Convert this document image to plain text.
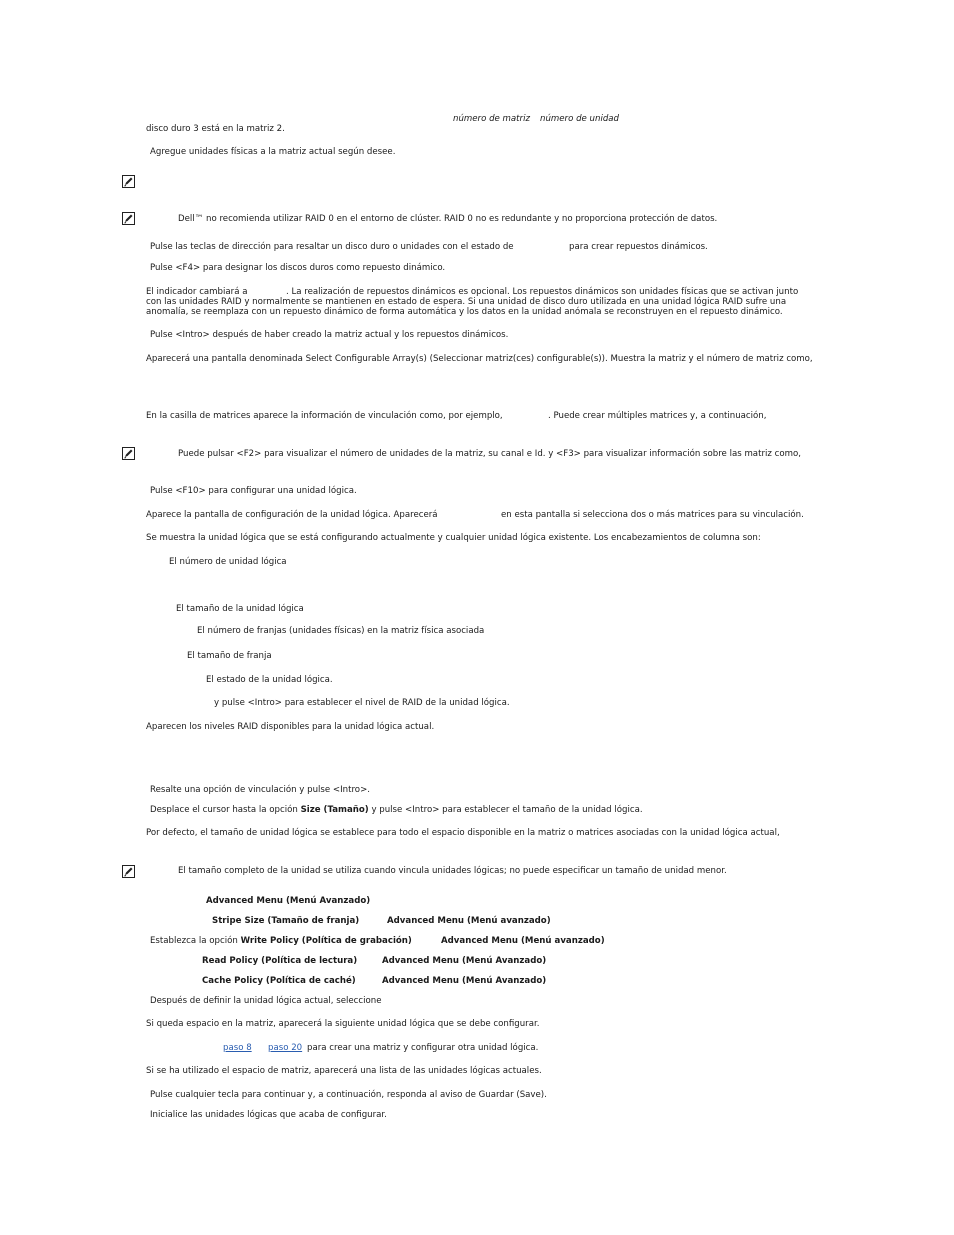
número de matriz número de unidad
disco duro 3 está en la matriz 2.
Agregue unidades físicas a la matriz actual según desee.
Dell™ no recomienda utilizar RAID 0 en el entorno de clúster. RAID 0 no es redundante y no proporciona protección de datos.
Pulse las teclas de dirección para resaltar un disco duro o unidades con el estado de	para crear repuestos dinámicos.
Pulse <F4> para designar los discos duros como repuesto dinámico.
El indicador cambiará a	. La realización de repuestos dinámicos es opcional. Los repuestos dinámicos son unidades físicas que se activan junto
con las unidades RAID y normalmente se mantienen en estado de espera. Si una unidad de disco duro utilizada en una unidad lógica RAID sufre una
anomalía, se reemplaza con un repuesto dinámico de forma automática y los datos en la unidad anómala se reconstruyen en el repuesto dinámico.
Pulse <Intro> después de haber creado la matriz actual y los repuestos dinámicos.
Aparecerá una pantalla denominada Select Configurable Array(s) (Seleccionar matriz(ces) configurable(s)). Muestra la matriz y el número de matriz como,
En la casilla de matrices aparece la información de vinculación como, por ejemplo,	. Puede crear múltiples matrices y, a continuación,
Puede pulsar <F2> para visualizar el número de unidades de la matriz, su canal e Id. y <F3> para visualizar información sobre las matriz como,
Pulse <F10> para configurar una unidad lógica.
Aparece la pantalla de configuración de la unidad lógica. Aparecerá	en esta pantalla si selecciona dos o más matrices para su vinculación.
Se muestra la unidad lógica que se está configurando actualmente y cualquier unidad lógica existente. Los encabezamientos de columna son:
El número de unidad lógica
El tamaño de la unidad lógica
El número de franjas (unidades físicas) en la matriz física asociada
El tamaño de franja
El estado de la unidad lógica.
y pulse <Intro> para establecer el nivel de RAID de la unidad lógica.
Aparecen los niveles RAID disponibles para la unidad lógica actual.
Resalte una opción de vinculación y pulse <Intro>.
Desplace el cursor hasta la opción Size (Tamaño) y pulse <Intro> para establecer el tamaño de la unidad lógica.
Por defecto, el tamaño de unidad lógica se establece para todo el espacio disponible en la matriz o matrices asociadas con la unidad lógica actual,
El tamaño completo de la unidad se utiliza cuando vincula unidades lógicas; no puede especificar un tamaño de unidad menor.
Advanced Menu (Menú Avanzado)
Stripe Size (Tamaño de franja)	Advanced Menu (Menú avanzado)
Establezca la opción Write Policy (Política de grabación)	Advanced Menu (Menú avanzado)
Read Policy (Política de lectura)	Advanced Menu (Menú Avanzado)
Cache Policy (Política de caché)	Advanced Menu (Menú Avanzado)
Después de definir la unidad lógica actual, seleccione
Si queda espacio en la matriz, aparecerá la siguiente unidad lógica que se debe configurar.
paso 8 paso 20 para crear una matriz y configurar otra unidad lógica.
Si se ha utilizado el espacio de matriz, aparecerá una lista de las unidades lógicas actuales.
Pulse cualquier tecla para continuar y, a continuación, responda al aviso de Guardar (Save).
Inicialice las unidades lógicas que acaba de configurar.
